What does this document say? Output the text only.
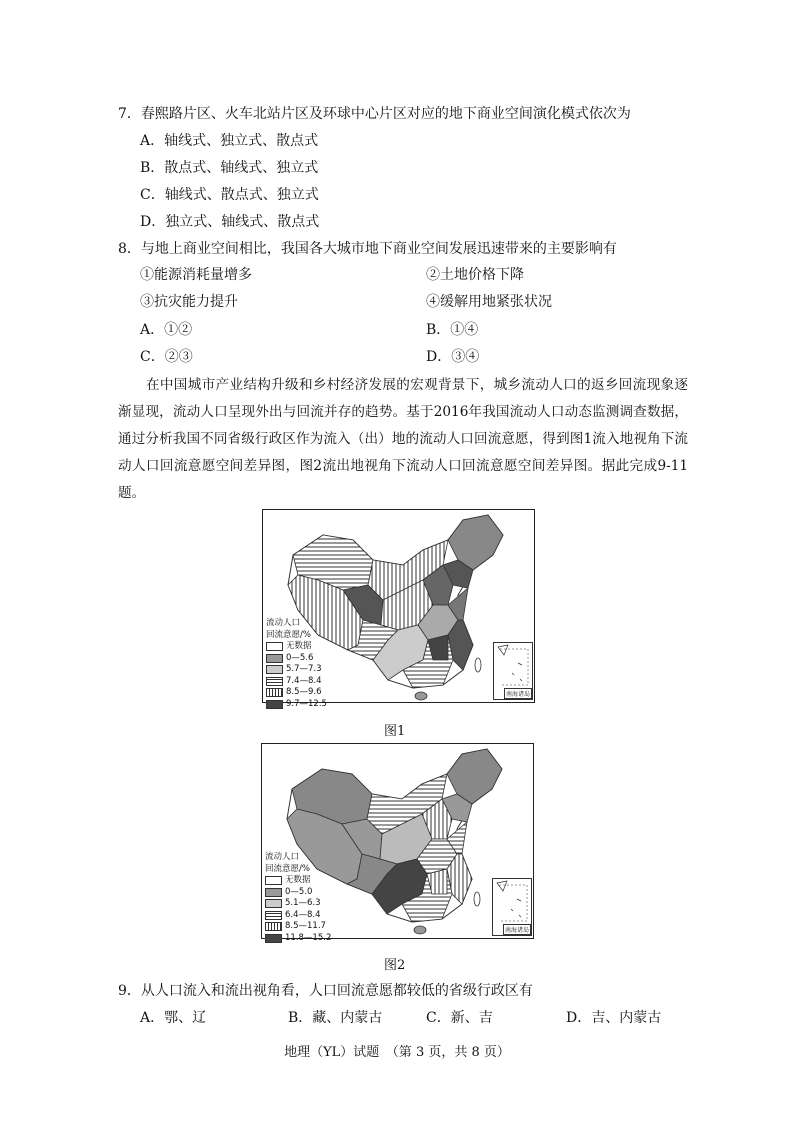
7．春熙路片区、火车北站片区及环球中心片区对应的地下商业空间演化模式依次为
A．轴线式、独立式、散点式
B．散点式、轴线式、独立式
C．轴线式、散点式、独立式
D．独立式、轴线式、散点式
8．与地上商业空间相比，我国各大城市地下商业空间发展迅速带来的主要影响有
①能源消耗量增多	②土地价格下降
③抗灾能力提升	④缓解用地紧张状况
A．①②	B．①④
C．②③	D．③④
在中国城市产业结构升级和乡村经济发展的宏观背景下，城乡流动人口的返乡回流现象逐渐显现，流动人口呈现外出与回流并存的趋势。基于2016年我国流动人口动态监测调查数据，通过分析我国不同省级行政区作为流入（出）地的流动人口回流意愿，得到图1流入地视角下流动人口回流意愿空间差异图，图2流出地视角下流动人口回流意愿空间差异图。据此完成9-11题。
流动人口
回流意愿/%
无数据
0—5.6
5.7—7.3
7.4—8.4
8.5—9.6
9.7—12.5
南海诸岛
图1
流动人口
回流意愿/%
无数据
0—5.0
5.1—6.3
6.4—8.4
8.5—11.7
11.8—15.2
南海诸岛
图2
9．从人口流入和流出视角看，人口回流意愿都较低的省级行政区有
A．鄂、辽	B．藏、内蒙古	C．新、吉	D．吉、内蒙古
地理（YL）试题　（第 3 页，共 8 页）
